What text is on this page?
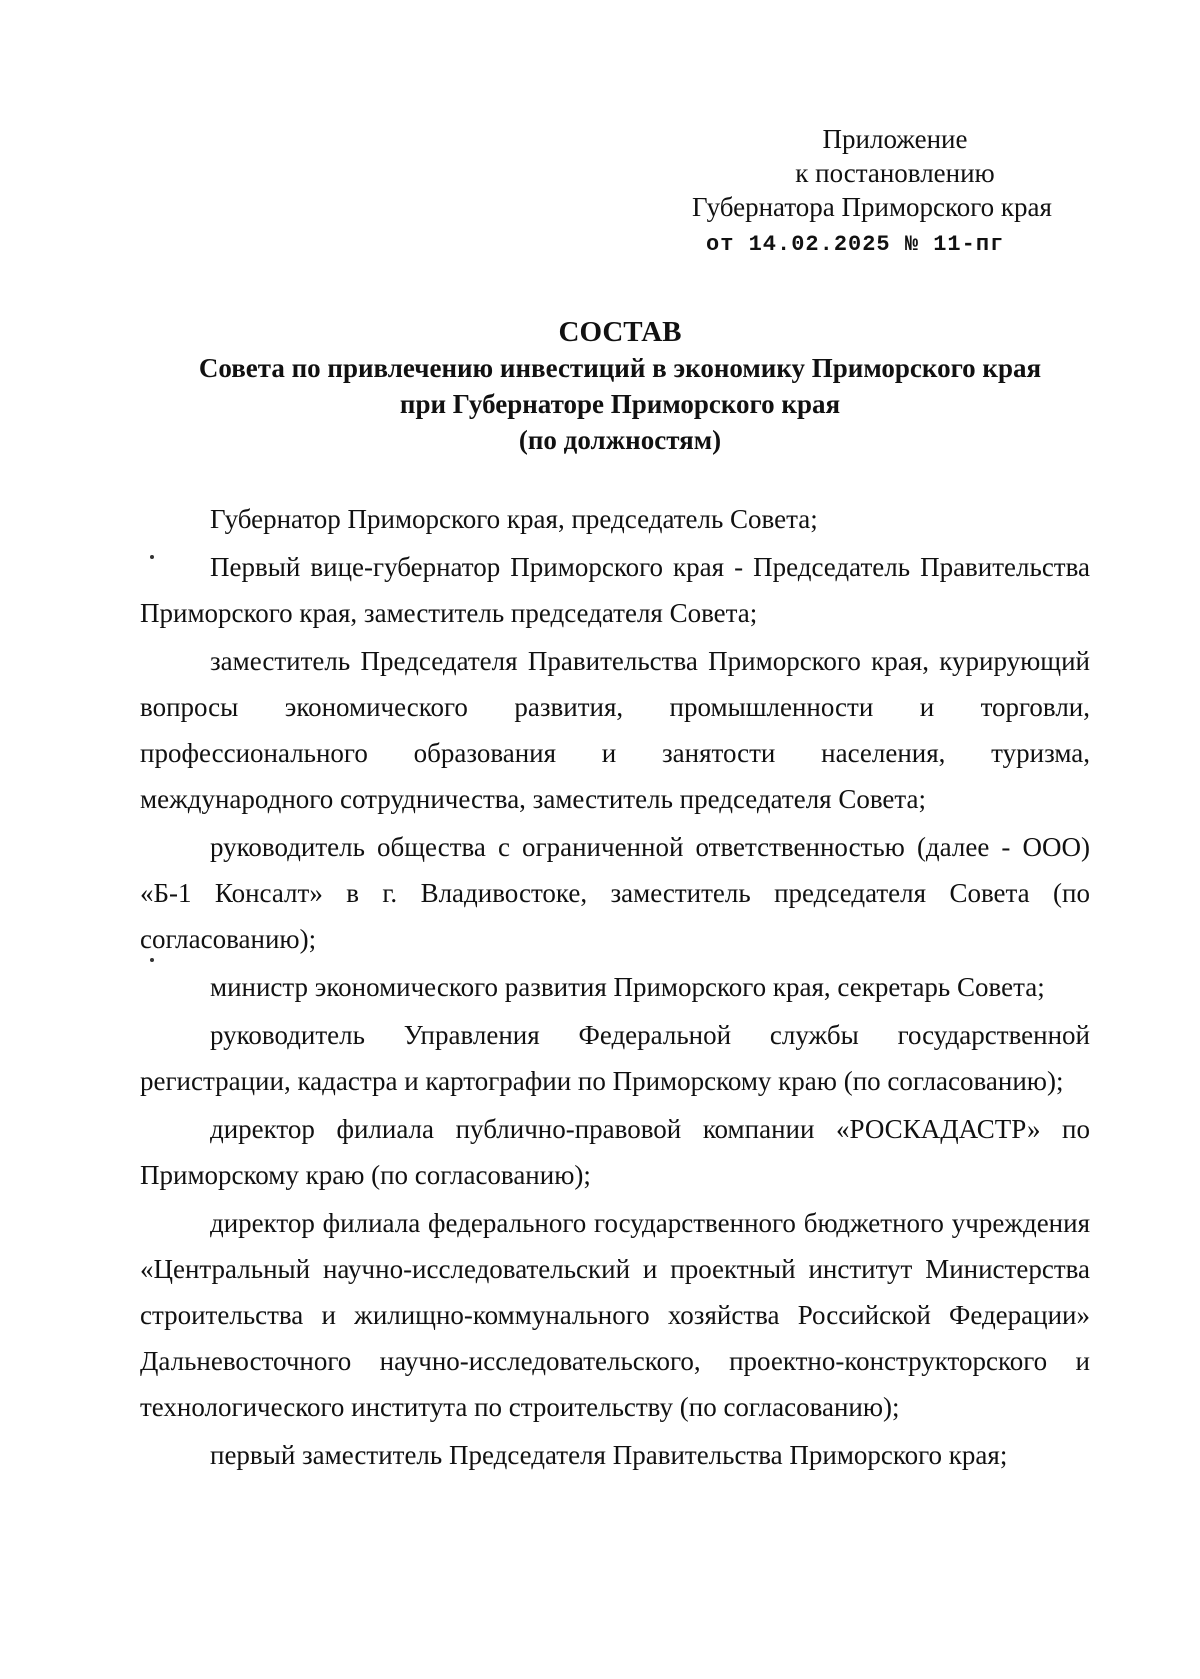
Приложение
к постановлению
Губернатора Приморского края
от 14.02.2025 № 11-пг
СОСТАВ
Совета по привлечению инвестиций в экономику Приморского края
при Губернаторе Приморского края
(по должностям)

Губернатор Приморского края, председатель Совета;

Первый вице-губернатор Приморского края - Председатель Правительства Приморского края, заместитель председателя Совета;

заместитель Председателя Правительства Приморского края, курирующий вопросы экономического развития, промышленности и торговли, профессионального образования и занятости населения, туризма, международного сотрудничества, заместитель председателя Совета;

руководитель общества с ограниченной ответственностью (далее - ООО) «Б-1 Консалт» в г. Владивостоке, заместитель председателя Совета (по согласованию);

министр экономического развития Приморского края, секретарь Совета;

руководитель Управления Федеральной службы государственной регистрации, кадастра и картографии по Приморскому краю (по согласованию);

директор филиала публично-правовой компании «РОСКАДАСТР» по Приморскому краю (по согласованию);

директор филиала федерального государственного бюджетного учреждения «Центральный научно-исследовательский и проектный институт Министерства строительства и жилищно-коммунального хозяйства Российской Федерации» Дальневосточного научно-исследовательского, проектно-конструкторского и технологического института по строительству (по согласованию);

первый заместитель Председателя Правительства Приморского края;
